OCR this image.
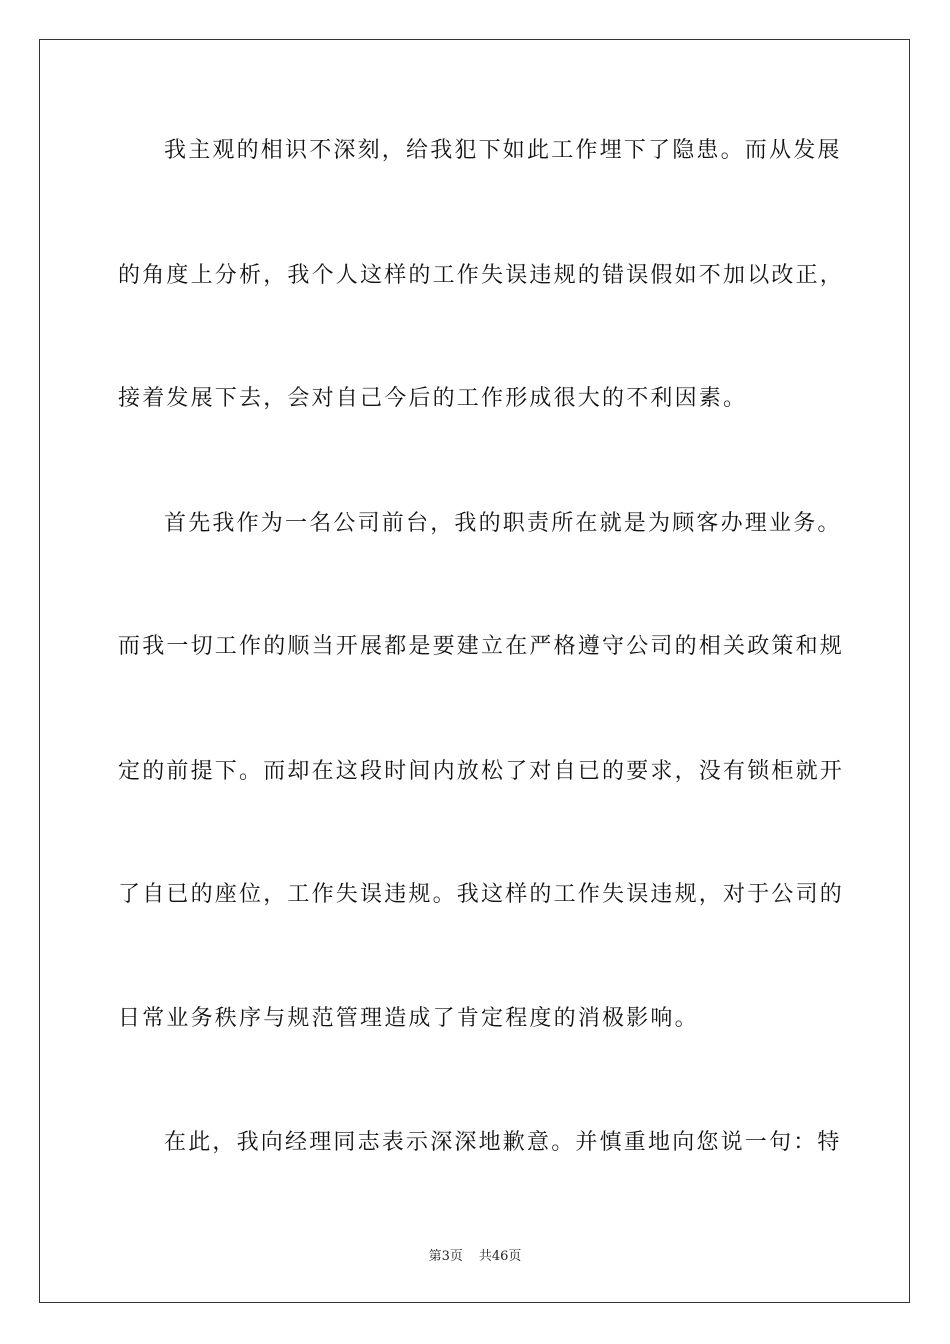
我主观的相识不深刻，给我犯下如此工作埋下了隐患。而从发展
的角度上分析，我个人这样的工作失误违规的错误假如不加以改正，
接着发展下去，会对自己今后的工作形成很大的不利因素。
首先我作为一名公司前台，我的职责所在就是为顾客办理业务。
而我一切工作的顺当开展都是要建立在严格遵守公司的相关政策和规
定的前提下。而却在这段时间内放松了对自已的要求，没有锁柜就开
了自已的座位，工作失误违规。我这样的工作失误违规，对于公司的
日常业务秩序与规范管理造成了肯定程度的消极影响。
在此，我向经理同志表示深深地歉意。并慎重地向您说一句：特
第3页 共46页
